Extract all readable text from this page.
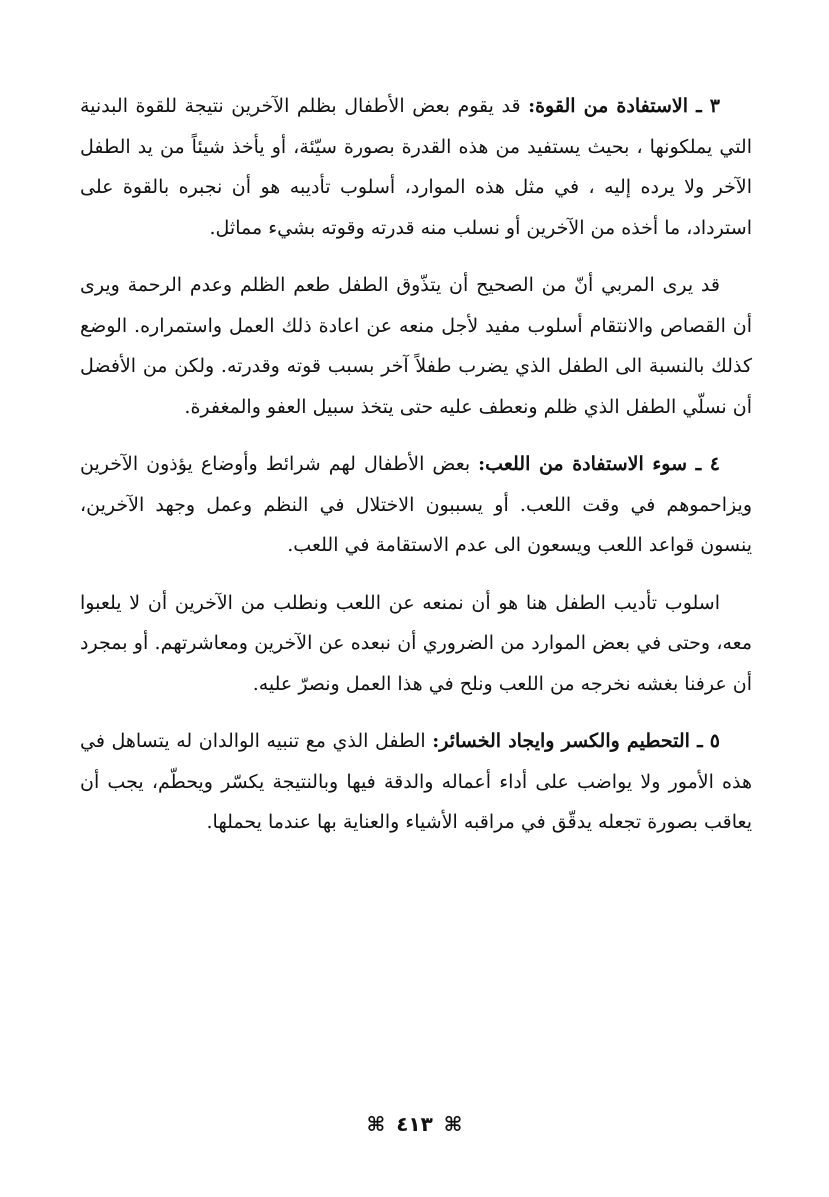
٣ ـ الاستفادة من القوة: قد يقوم بعض الأطفال بظلم الآخرين نتيجة للقوة البدنية التي يملكونها ، بحيث يستفيد من هذه القدرة بصورة سيّئة، أو يأخذ شيئاً من يد الطفل الآخر ولا يرده إليه ، في مثل هذه الموارد، أسلوب تأديبه هو أن نجبره بالقوة على استرداد، ما أخذه من الآخرين أو نسلب منه قدرته وقوته بشيء مماثل.

قد يرى المربي أنّ من الصحيح أن يتذّوق الطفل طعم الظلم وعدم الرحمة ويرى أن القصاص والانتقام أسلوب مفيد لأجل منعه عن اعادة ذلك العمل واستمراره. الوضع كذلك بالنسبة الى الطفل الذي يضرب طفلاً آخر بسبب قوته وقدرته. ولكن من الأفضل أن نسلّي الطفل الذي ظلم ونعطف عليه حتى يتخذ سبيل العفو والمغفرة.

٤ ـ سوء الاستفادة من اللعب: بعض الأطفال لهم شرائط وأوضاع يؤذون الآخرين ويزاحموهم في وقت اللعب. أو يسببون الاختلال في النظم وعمل وجهد الآخرين، ينسون قواعد اللعب ويسعون الى عدم الاستقامة في اللعب.

اسلوب تأديب الطفل هنا هو أن نمنعه عن اللعب ونطلب من الآخرين أن لا يلعبوا معه، وحتى في بعض الموارد من الضروري أن نبعده عن الآخرين ومعاشرتهم. أو بمجرد أن عرفنا بغشه نخرجه من اللعب ونلح في هذا العمل ونصرّ عليه.

٥ ـ التحطيم والكسر وايجاد الخسائر: الطفل الذي مع تنبيه الوالدان له يتساهل في هذه الأمور ولا يواضب على أداء أعماله والدقة فيها وبالنتيجة يكسّر ويحطّم، يجب أن يعاقب بصورة تجعله يدقّق في مراقبه الأشياء والعناية بها عندما يحملها.

⌘ ٤١٣ ⌘
